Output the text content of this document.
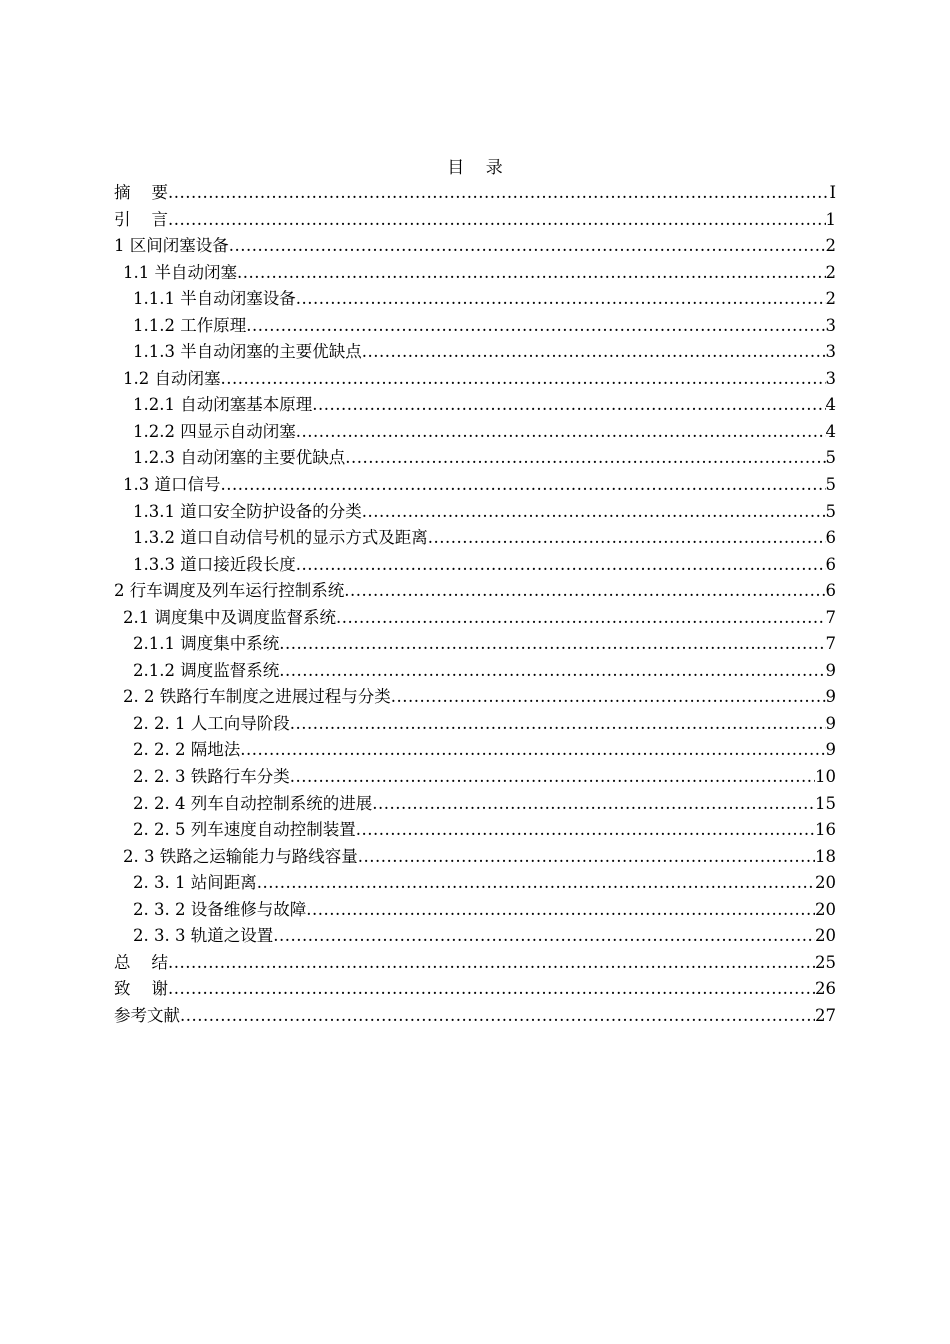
目    录
摘    要 .....	I
引    言 .....	1
1 区间闭塞设备 .....	2
1.1 半自动闭塞 .....	2
1.1.1 半自动闭塞设备 .....	2
1.1.2 工作原理 .....	3
1.1.3 半自动闭塞的主要优缺点 .....	3
1.2 自动闭塞 .....	3
1.2.1 自动闭塞基本原理 .....	4
1.2.2 四显示自动闭塞 .....	4
1.2.3 自动闭塞的主要优缺点 .....	5
1.3 道口信号 .....	5
1.3.1 道口安全防护设备的分类 .....	5
1.3.2 道口自动信号机的显示方式及距离 .....	6
1.3.3 道口接近段长度 .....	6
2 行车调度及列车运行控制系统 .....	6
2.1 调度集中及调度监督系统 .....	7
2.1.1 调度集中系统 .....	7
2.1.2 调度监督系统 .....	9
2. 2 铁路行车制度之进展过程与分类 .....	9
2. 2. 1 人工向导阶段 .....	9
2. 2. 2 隔地法 .....	9
2. 2. 3 铁路行车分类 .....	10
2. 2. 4 列车自动控制系统的进展 .....	15
2. 2. 5 列车速度自动控制装置 .....	16
2. 3 铁路之运输能力与路线容量 .....	18
2. 3. 1 站间距离 .....	20
2. 3. 2 设备维修与故障 .....	20
2. 3. 3 轨道之设置 .....	20
总    结 .....	25
致    谢 .....	26
参考文献 .....	27
